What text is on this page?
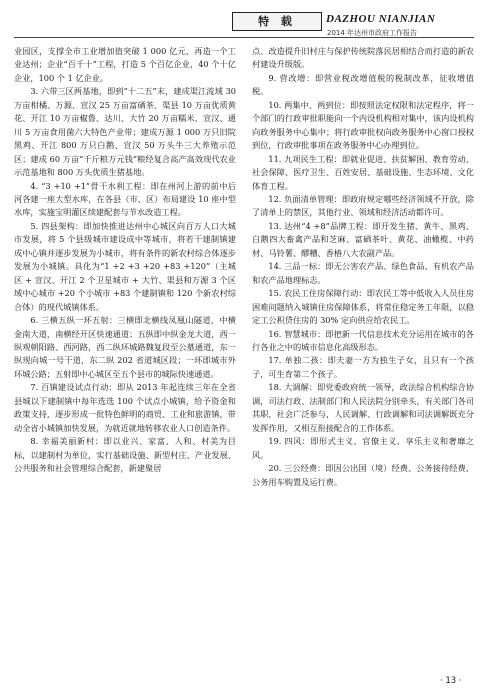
特 载	DAZHOU NIANJIAN
2014 年达州市政府工作报告

业园区，支撑全市工业增加值突破 1 000 亿元，再造一个工业达州；企业“百千十”工程，打造 5 个百亿企业，40 个十亿企业，100 个 1 亿企业。

3. 六带三区两基地，即到“十二五”末，建成渠江流域 30 万亩柑橘、万源、宣汉 25 万亩富硒茶、渠县 10 万亩优质黄花、开江 10 万亩椒鲁、达川、大竹 20 万亩糯米、宣汉、通川 5 万亩食用菌六大特色产业带；建成万源 1 000 万只旧院黑鸡、开江 800 万只白鹅、宣汉 50 万头牛三大养殖示范区；建成 60 万亩“千斤粮万元钱”粮经复合高产高效现代农业示范基地和 800 万头优质生猪基地。

4. “3 +10 +1”骨干水利工程：即在州河上游的前中后河各建一座大型水库，在各县（市、区）布局建设 10 座中型水库，实施宝明灌区续建配套与节水改造工程。

5. 四县架构：即加快推进达州中心城区向百万人口大城市发展，将 5 个县级城市建设成中等城市，将若干建制镇建成中心镇并逐步发展为小城市，将有条件的新农村综合体逐步发展为小城镇。具化为“1 +2 +3 +20 +83 +120”（主城区 + 宣汉、开江 2 个卫星城市 + 大竹、渠县和万源 3 个区域中心城市 +20 个小城市 +83 个建制镇和 120 个新农村综合体）的现代城镇体系。

6. 三横五纵一环五射：三横即北横线凤凰山隧道，中横金南大道，南横经开区快速通道；五纵即中纵金龙大道，西一纵观朝阳路、西河路，西二纵环城路魏复段至公墓通道，东一纵现向城一号干道，东二纵 202 省道城区段；一环即城市外环城公路；五射即中心城区至五个县市的城际快速通道。

7. 百镇建设试点行动：即从 2013 年起连续三年在全省县城以下建制镇中每年选选 100 个试点小城镇，给予资金和政策支持，逐步形成一批特色鲜明的商贸、工业和旅游镇，带动全省小城镇加快发展，为就近就地转移农业人口创造条件。

8. 幸福美丽新村：即以业兴、家富、人和、村美为目标，以建制村为单位，实行基础设施、新型村庄、产业发展、公共服务和社会管理综合配套，新建聚居

点、改造提升旧村庄与保护传统院落民居相结合而打造的新农村建设升级版。

9. 营改增：即营业税改增值税的税制改革，征收增值税。

10. 两集中、两到位：即按照法定权限和法定程序，将一个部门的行政审批职能向一个内设机构相对集中，该内设机构向政务服务中心集中；将行政审批权向政务服务中心窗口授权到位，行政审批事项在政务服务中心办理到位。

11. 九项民生工程：即就业促进、扶贫解困、教育劳动、社会保障、医疗卫生、百姓安居、基础设施、生态环境、文化体育工程。

12. 负面清单管理：即政府规定哪些经济领域不开放，除了清单上的禁区，其他行业、领域和经济活动都许可。

13. 达州“4 +8”品牌工程：即开发生猪、黄牛、黑鸡、白鹅四大畜禽产品和芝麻、富硒茶叶、黄花、油橄榄、中药材、马铃薯、醪糟、香椿八大农副产品。

14. 三品一标：即无公害农产品、绿色食品、有机农产品和农产品地理标志。

15. 农民工住房保障行动：即农民工等中低收入人员住房困难问题纳入城镇住房保障体系，将常住稳定务工年限，以稳定工公积贷住房的 30% 定向供应给农民工。

16. 智慧城市：即把新一代信息技术充分运用在城市的各行各业之中的城市信息化高级形态。

17. 单独二孩：即夫妻一方为独生子女，且只有一个孩子，可生育第二个孩子。

18. 大调解：即党委政府统一领导，政法综合机构综合协调，司法行政、法制部门和人民法院分别牵头，有关部门各司其职，社会广泛参与，人民调解、行政调解和司法调解既充分发挥作用，又相互衔接配合的工作体系。

19. 四风：即形式主义、官僚主义、享乐主义和奢靡之风。

20. 三公经费：即因公出国（境）经费、公务接待经费、公务用车购置及运行费。

· 13 ·
